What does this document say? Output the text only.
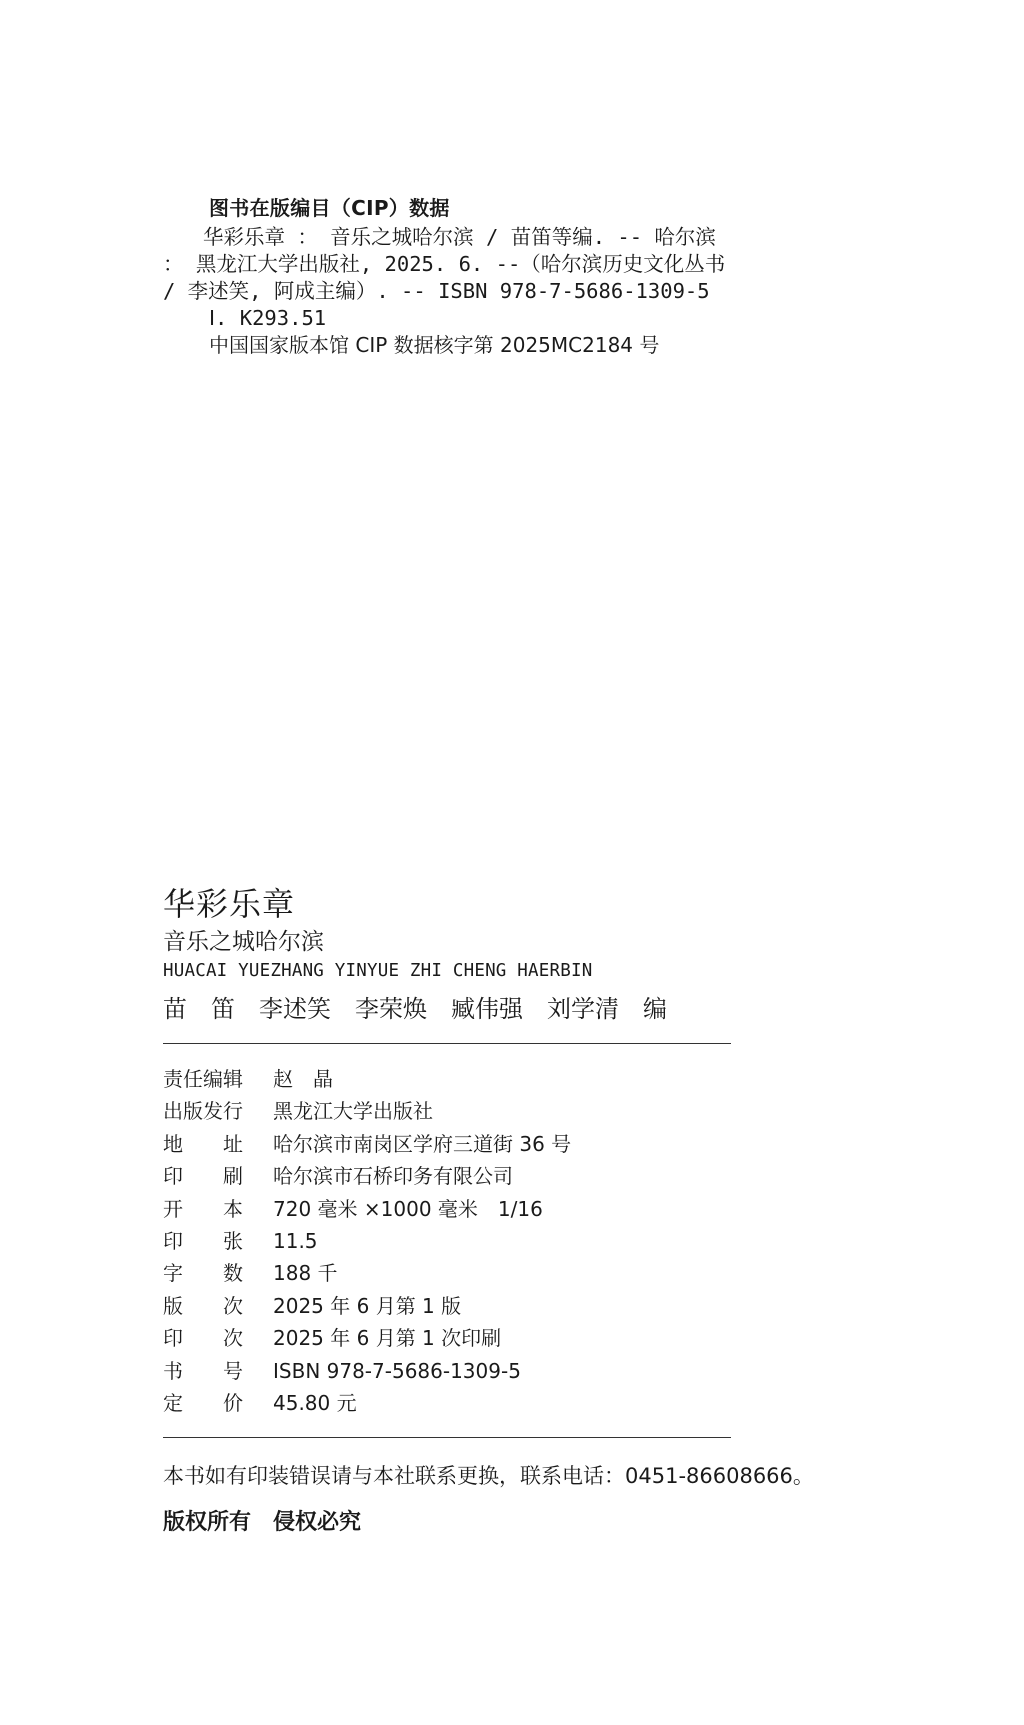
图书在版编目（CIP）数据
华彩乐章 ： 音乐之城哈尔滨 / 苗笛等编. -- 哈尔滨 ： 黑龙江大学出版社, 2025. 6. --（哈尔滨历史文化丛书 / 李述笑, 阿成主编）. -- ISBN 978-7-5686-1309-5
Ⅰ. K293.51
中国国家版本馆 CIP 数据核字第 2025MC2184 号
华彩乐章
音乐之城哈尔滨
HUACAI YUEZHANG YINYUE ZHI CHENG HAERBIN
苗　笛　李述笑　李荣焕　臧伟强　刘学清　编
责任编辑	赵　晶
出版发行	黑龙江大学出版社
地　　址	哈尔滨市南岗区学府三道街 36 号
印　　刷	哈尔滨市石桥印务有限公司
开　　本	720 毫米 ×1000 毫米　1/16
印　　张	11.5
字　　数	188 千
版　　次	2025 年 6 月第 1 版
印　　次	2025 年 6 月第 1 次印刷
书　　号	ISBN 978-7-5686-1309-5
定　　价	45.80 元
本书如有印装错误请与本社联系更换，联系电话：0451-86608666。
版权所有　侵权必究
